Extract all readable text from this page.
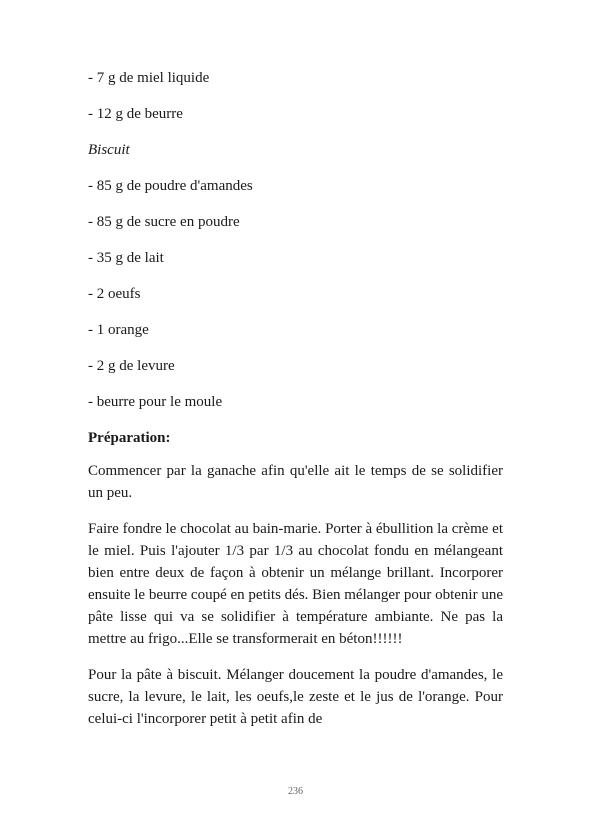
- 7 g de miel liquide
- 12 g de beurre
Biscuit
- 85 g de poudre d'amandes
- 85 g de sucre en poudre
- 35 g de lait
- 2 oeufs
- 1 orange
- 2 g de levure
- beurre pour le moule
Préparation:

Commencer par la ganache afin qu'elle ait le temps de se solidifier un peu.

Faire fondre le chocolat au bain-marie. Porter à ébullition la crème et le miel. Puis l'ajouter 1/3 par 1/3 au chocolat fondu en mélangeant bien entre deux de façon à obtenir un mélange brillant. Incorporer ensuite le beurre coupé en petits dés. Bien mélanger pour obtenir une pâte lisse qui va se solidifier à température ambiante. Ne pas la mettre au frigo...Elle se transformerait en béton!!!!!!

Pour la pâte à biscuit. Mélanger doucement la poudre d'amandes, le sucre, la levure, le lait, les oeufs,le zeste et le jus de l'orange. Pour celui-ci l'incorporer petit à petit afin de

236
